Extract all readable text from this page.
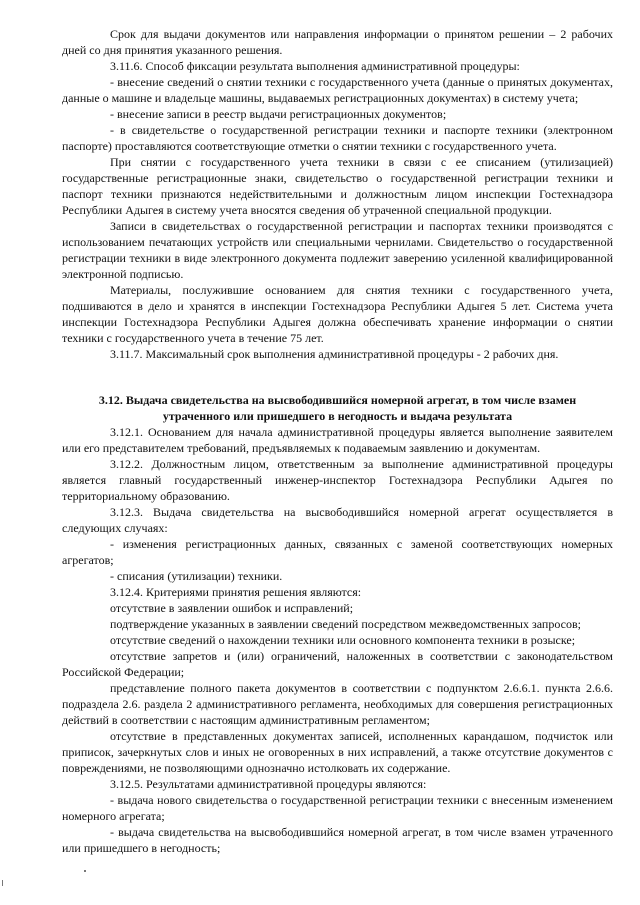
Срок для выдачи документов или направления информации о принятом решении – 2 рабочих дней со дня принятия указанного решения.

3.11.6. Способ фиксации результата выполнения административной процедуры:

- внесение сведений о снятии техники с государственного учета (данные о принятых документах, данные о машине и владельце машины, выдаваемых регистрационных документах) в систему учета;

- внесение записи в реестр выдачи регистрационных документов;

- в свидетельстве о государственной регистрации техники и паспорте техники (электронном паспорте) проставляются соответствующие отметки о снятии техники с государственного учета.

При снятии с государственного учета техники в связи с ее списанием (утилизацией) государственные регистрационные знаки, свидетельство о государственной регистрации техники и паспорт техники признаются недействительными и должностным лицом инспекции Гостехнадзора Республики Адыгея в систему учета вносятся сведения об утраченной специальной продукции.

Записи в свидетельствах о государственной регистрации и паспортах техники производятся с использованием печатающих устройств или специальными чернилами. Свидетельство о государственной регистрации техники в виде электронного документа подлежит заверению усиленной квалифицированной электронной подписью.

Материалы, послужившие основанием для снятия техники с государственного учета, подшиваются в дело и хранятся в инспекции Гостехнадзора Республики Адыгея 5 лет. Система учета инспекции Гостехнадзора Республики Адыгея должна обеспечивать хранение информации о снятии техники с государственного учета в течение 75 лет.

3.11.7. Максимальный срок выполнения административной процедуры - 2 рабочих дня.

3.12. Выдача свидетельства на высвободившийся номерной агрегат, в том числе взамен
утраченного или пришедшего в негодность и выдача результата

3.12.1. Основанием для начала административной процедуры является выполнение заявителем или его представителем требований, предъявляемых к подаваемым заявлению и документам.

3.12.2. Должностным лицом, ответственным за выполнение административной процедуры является главный государственный инженер-инспектор Гостехнадзора Республики Адыгея по территориальному образованию.

3.12.3. Выдача свидетельства на высвободившийся номерной агрегат осуществляется в следующих случаях:

- изменения регистрационных данных, связанных с заменой соответствующих номерных агрегатов;

- списания (утилизации) техники.

3.12.4. Критериями принятия решения являются:

отсутствие в заявлении ошибок и исправлений;

подтверждение указанных в заявлении сведений посредством межведомственных запросов;

отсутствие сведений о нахождении техники или основного компонента техники в розыске;

отсутствие запретов и (или) ограничений, наложенных в соответствии с законодательством Российской Федерации;

представление полного пакета документов в соответствии с подпунктом 2.6.6.1. пункта 2.6.6. подраздела 2.6. раздела 2 административного регламента, необходимых для совершения регистрационных действий в соответствии с настоящим административным регламентом;

отсутствие в представленных документах записей, исполненных карандашом, подчисток или приписок, зачеркнутых слов и иных не оговоренных в них исправлений, а также отсутствие документов с повреждениями, не позволяющими однозначно истолковать их содержание.

3.12.5. Результатами административной процедуры являются:

- выдача нового свидетельства о государственной регистрации техники с внесенным изменением номерного агрегата;

- выдача свидетельства на высвободившийся номерной агрегат, в том числе взамен утраченного или пришедшего в негодность;
